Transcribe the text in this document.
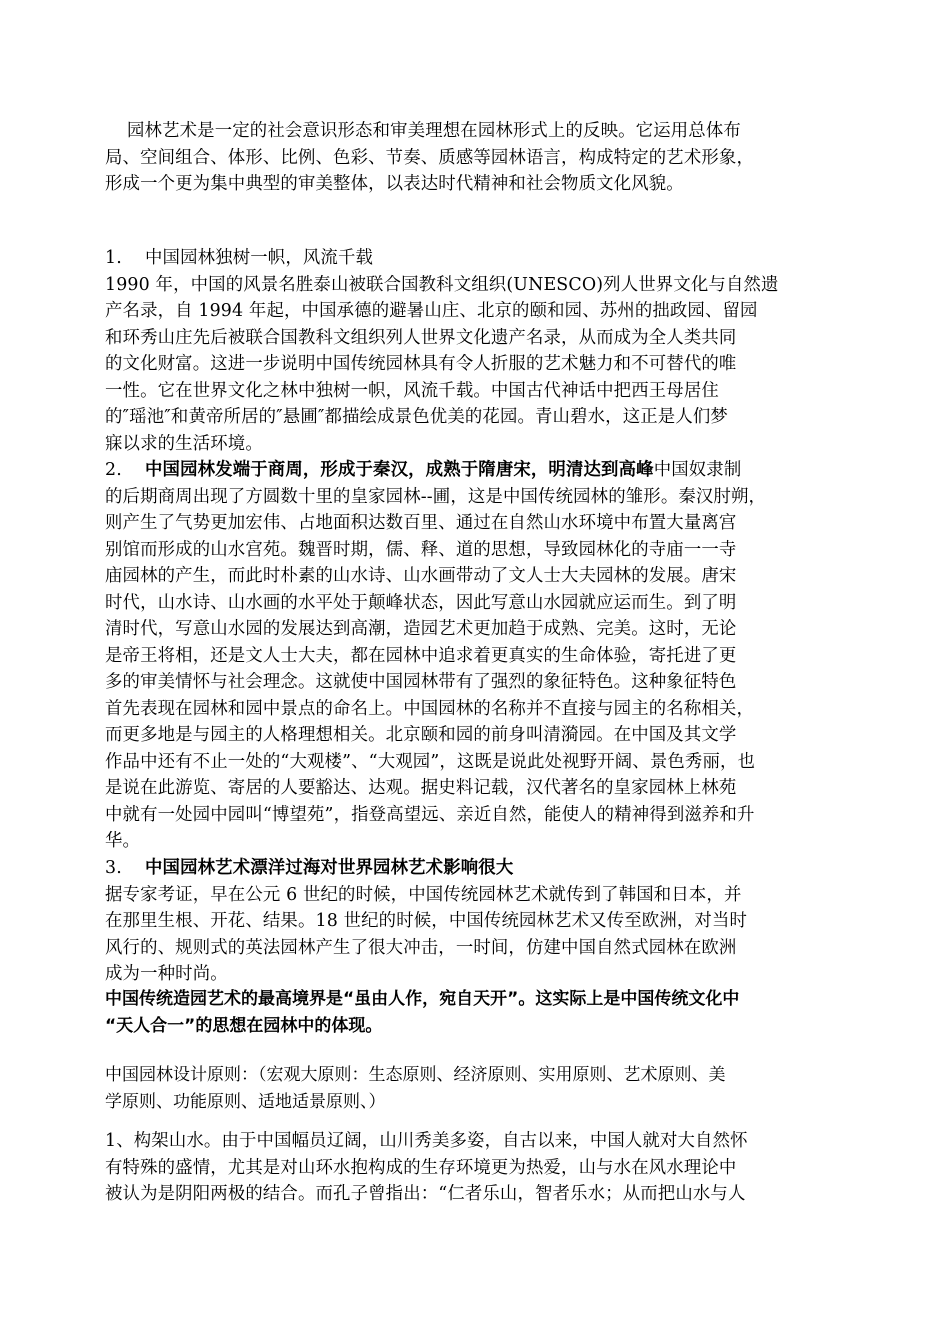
园林艺术是一定的社会意识形态和审美理想在园林形式上的反映。它运用总体布
局、空间组合、体形、比例、色彩、节奏、质感等园林语言，构成特定的艺术形象，
形成一个更为集中典型的审美整体，以表达时代精神和社会物质文化风貌。
1. 中国园林独树一帜，风流千载
1990 年，中国的风景名胜泰山被联合国教科文组织(UNESCO)列人世界文化与自然遗
产名录，自 1994 年起，中国承德的避暑山庄、北京的颐和园、苏州的拙政园、留园
和环秀山庄先后被联合国教科文组织列人世界文化遗产名录，从而成为全人类共同
的文化财富。这进一步说明中国传统园林具有令人折服的艺术魅力和不可替代的唯
一性。它在世界文化之林中独树一帜，风流千载。中国古代神话中把西王母居住
的″瑶池″和黄帝所居的″悬圃″都描绘成景色优美的花园。青山碧水，这正是人们梦
寐以求的生活环境。
2. 中国园林发端于商周，形成于秦汉，成熟于隋唐宋，明清达到高峰中国奴隶制
的后期商周出现了方圆数十里的皇家园林--圃，这是中国传统园林的雏形。秦汉肘朔，
则产生了气势更加宏伟、占地面积达数百里、通过在自然山水环境中布置大量离宫
别馆而形成的山水宫苑。魏晋时期，儒、释、道的思想，导致园林化的寺庙一一寺
庙园林的产生，而此时朴素的山水诗、山水画带动了文人士大夫园林的发展。唐宋
时代，山水诗、山水画的水平处于颠峰状态，因此写意山水园就应运而生。到了明
清时代，写意山水园的发展达到高潮，造园艺术更加趋于成熟、完美。这时，无论
是帝王将相，还是文人士大夫，都在园林中追求着更真实的生命体验，寄托进了更
多的审美情怀与社会理念。这就使中国园林带有了强烈的象征特色。这种象征特色
首先表现在园林和园中景点的命名上。中国园林的名称并不直接与园主的名称相关，
而更多地是与园主的人格理想相关。北京颐和园的前身叫清漪园。在中国及其文学
作品中还有不止一处的“大观楼”、“大观园”，这既是说此处视野开阔、景色秀丽，也
是说在此游览、寄居的人要豁达、达观。据史料记载，汉代著名的皇家园林上林苑
中就有一处园中园叫“博望苑”，指登高望远、亲近自然，能使人的精神得到滋养和升
华。
3. 中国园林艺术漂洋过海对世界园林艺术影响很大
据专家考证，早在公元 6 世纪的时候，中国传统园林艺术就传到了韩国和日本，并
在那里生根、开花、结果。18 世纪的时候，中国传统园林艺术又传至欧洲，对当时
风行的、规则式的英法园林产生了很大冲击，一时间，仿建中国自然式园林在欧洲
成为一种时尚。
中国传统造园艺术的最高境界是“虽由人作，宛自天开”。这实际上是中国传统文化中
“天人合一”的思想在园林中的体现。
中国园林设计原则：（宏观大原则：生态原则、经济原则、实用原则、艺术原则、美
学原则、功能原则、适地适景原则、）
1、构架山水。由于中国幅员辽阔，山川秀美多姿，自古以来，中国人就对大自然怀
有特殊的盛情，尤其是对山环水抱构成的生存环境更为热爱，山与水在风水理论中
被认为是阴阳两极的结合。而孔子曾指出：“仁者乐山，智者乐水；从而把山水与人
